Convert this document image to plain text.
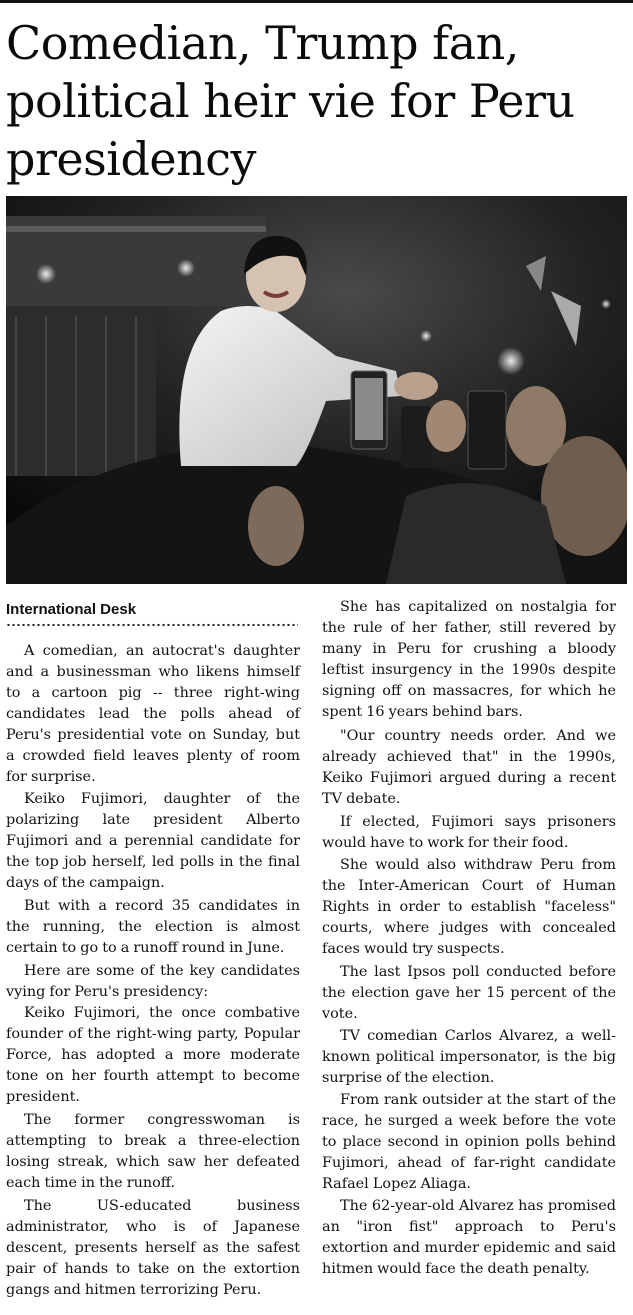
Comedian, Trump fan, political heir vie for Peru presidency
International Desk

A comedian, an autocrat's daughter and a businessman who likens himself to a cartoon pig -- three right-wing candidates lead the polls ahead of Peru's presidential vote on Sunday, but a crowded field leaves plenty of room for surprise.

Keiko Fujimori, daughter of the polarizing late president Alberto Fujimori and a perennial candidate for the top job herself, led polls in the final days of the campaign.

But with a record 35 candidates in the running, the election is almost certain to go to a runoff round in June.

Here are some of the key candidates vying for Peru's presidency:

Keiko Fujimori, the once combative founder of the right-wing party, Popular Force, has adopted a more moderate tone on her fourth attempt to become president.

The former congresswoman is attempting to break a three-election losing streak, which saw her defeated each time in the runoff.

The US-educated business administrator, who is of Japanese descent, presents herself as the safest pair of hands to take on the extortion gangs and hitmen terrorizing Peru.

She has capitalized on nostalgia for the rule of her father, still revered by many in Peru for crushing a bloody leftist insurgency in the 1990s despite signing off on massacres, for which he spent 16 years behind bars.

"Our country needs order. And we already achieved that" in the 1990s, Keiko Fujimori argued during a recent TV debate.

If elected, Fujimori says prisoners would have to work for their food.

She would also withdraw Peru from the Inter-American Court of Human Rights in order to establish "faceless" courts, where judges with concealed faces would try suspects.

The last Ipsos poll conducted before the election gave her 15 percent of the vote.

TV comedian Carlos Alvarez, a well-known political impersonator, is the big surprise of the election.

From rank outsider at the start of the race, he surged a week before the vote to place second in opinion polls behind Fujimori, ahead of far-right candidate Rafael Lopez Aliaga.

The 62-year-old Alvarez has promised an "iron fist" approach to Peru's extortion and murder epidemic and said hitmen would face the death penalty.
